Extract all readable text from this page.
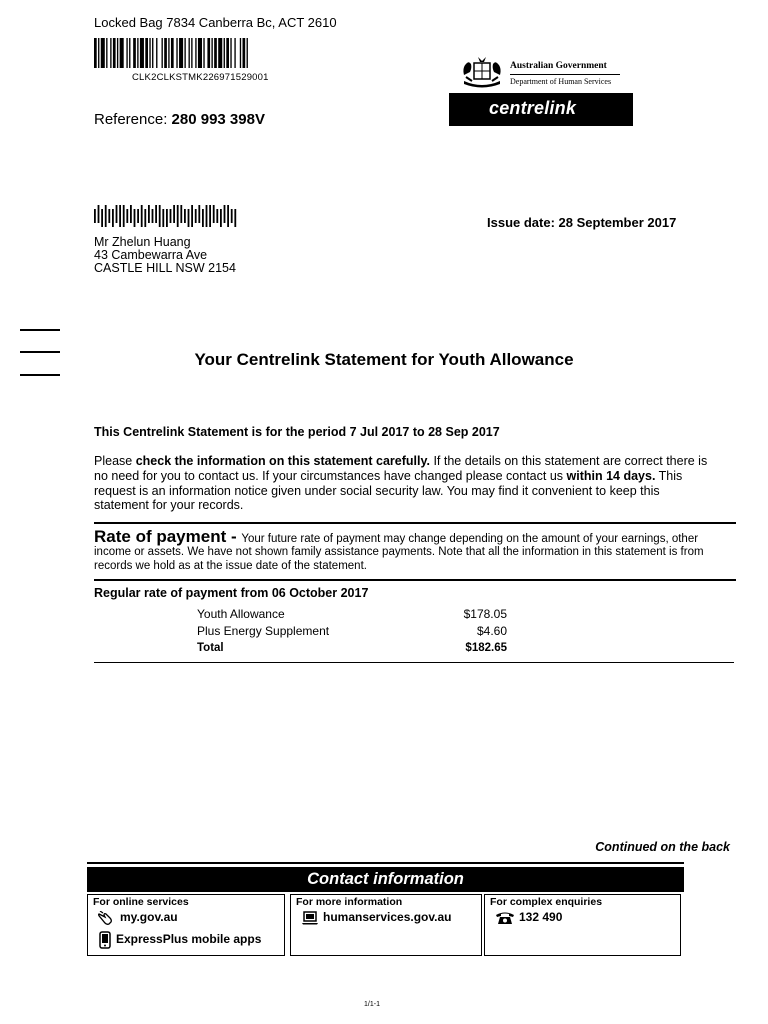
Locked Bag 7834 Canberra Bc, ACT 2610
CLK2CLKSTMK226971529001
Reference: 280 993 398V
Australian Government
Department of Human Services
centrelink
Issue date: 28 September 2017
Mr Zhelun Huang
43 Cambewarra Ave
CASTLE HILL NSW 2154
Your Centrelink Statement for Youth Allowance
This Centrelink Statement is for the period 7 Jul 2017 to 28 Sep 2017
Please check the information on this statement carefully. If the details on this statement are correct there is no need for you to contact us. If your circumstances have changed please contact us within 14 days. This request is an information notice given under social security law. You may find it convenient to keep this statement for your records.
Rate of payment - Your future rate of payment may change depending on the amount of your earnings, other income or assets. We have not shown family assistance payments. Note that all the information in this statement is from records we hold as at the issue date of the statement.
Regular rate of payment from 06 October 2017
Youth Allowance	$178.05
Plus Energy Supplement	$4.60
Total	$182.65
Continued on the back
Contact information
For online services
my.gov.au
ExpressPlus mobile apps
For more information
humanservices.gov.au
For complex enquiries
132 490
1/1-1
